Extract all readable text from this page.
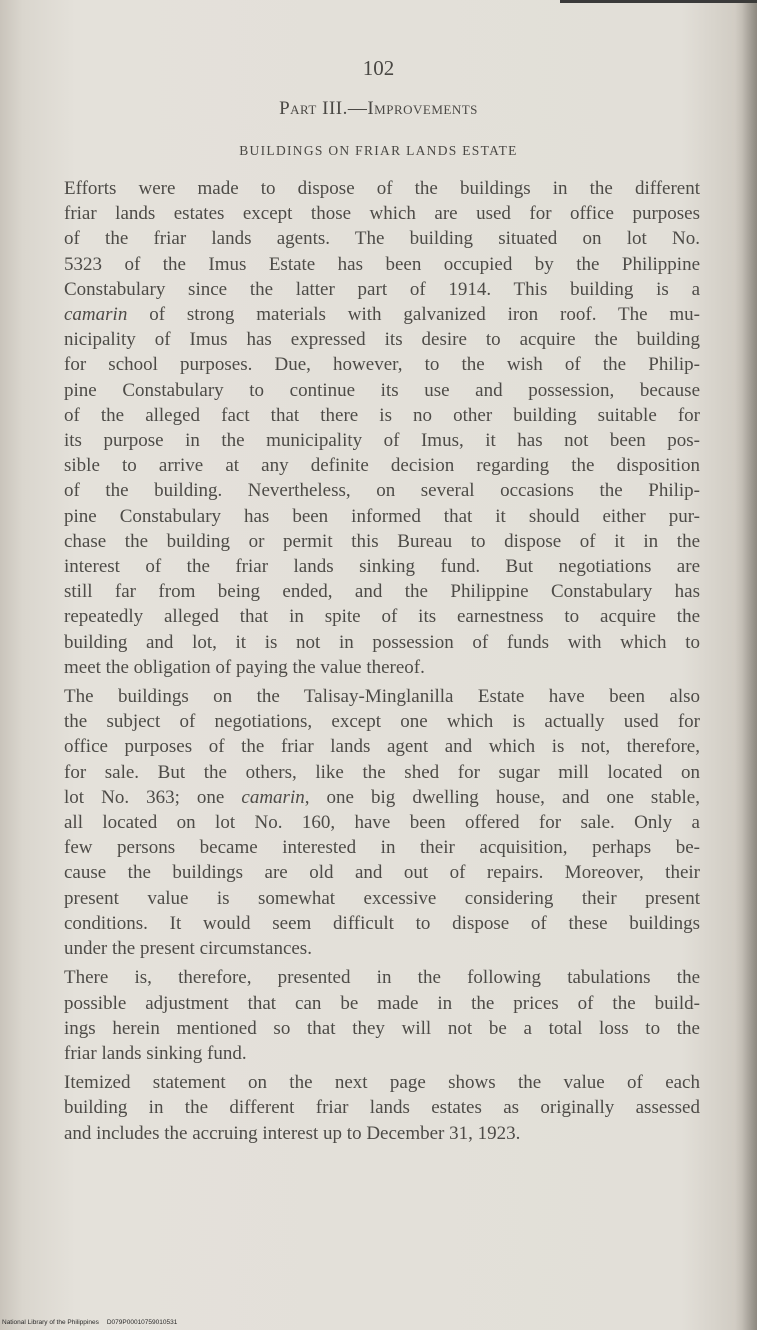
102
Part III.—Improvements
BUILDINGS ON FRIAR LANDS ESTATE

Efforts were made to dispose of the buildings in the different
friar lands estates except those which are used for office purposes
of the friar lands agents. The building situated on lot No.
5323 of the Imus Estate has been occupied by the Philippine
Constabulary since the latter part of 1914. This building is a
camarin of strong materials with galvanized iron roof. The mu-
nicipality of Imus has expressed its desire to acquire the building
for school purposes. Due, however, to the wish of the Philip-
pine Constabulary to continue its use and possession, because
of the alleged fact that there is no other building suitable for
its purpose in the municipality of Imus, it has not been pos-
sible to arrive at any definite decision regarding the disposition
of the building. Nevertheless, on several occasions the Philip-
pine Constabulary has been informed that it should either pur-
chase the building or permit this Bureau to dispose of it in the
interest of the friar lands sinking fund. But negotiations are
still far from being ended, and the Philippine Constabulary has
repeatedly alleged that in spite of its earnestness to acquire the
building and lot, it is not in possession of funds with which to
meet the obligation of paying the value thereof.

The buildings on the Talisay-Minglanilla Estate have been also
the subject of negotiations, except one which is actually used for
office purposes of the friar lands agent and which is not, therefore,
for sale. But the others, like the shed for sugar mill located on
lot No. 363; one camarin, one big dwelling house, and one stable,
all located on lot No. 160, have been offered for sale. Only a
few persons became interested in their acquisition, perhaps be-
cause the buildings are old and out of repairs. Moreover, their
present value is somewhat excessive considering their present
conditions. It would seem difficult to dispose of these buildings
under the present circumstances.

There is, therefore, presented in the following tabulations the
possible adjustment that can be made in the prices of the build-
ings herein mentioned so that they will not be a total loss to the
friar lands sinking fund.

Itemized statement on the next page shows the value of each
building in the different friar lands estates as originally assessed
and includes the accruing interest up to December 31, 1923.

National Library of the Philippines D079P00010759010531
